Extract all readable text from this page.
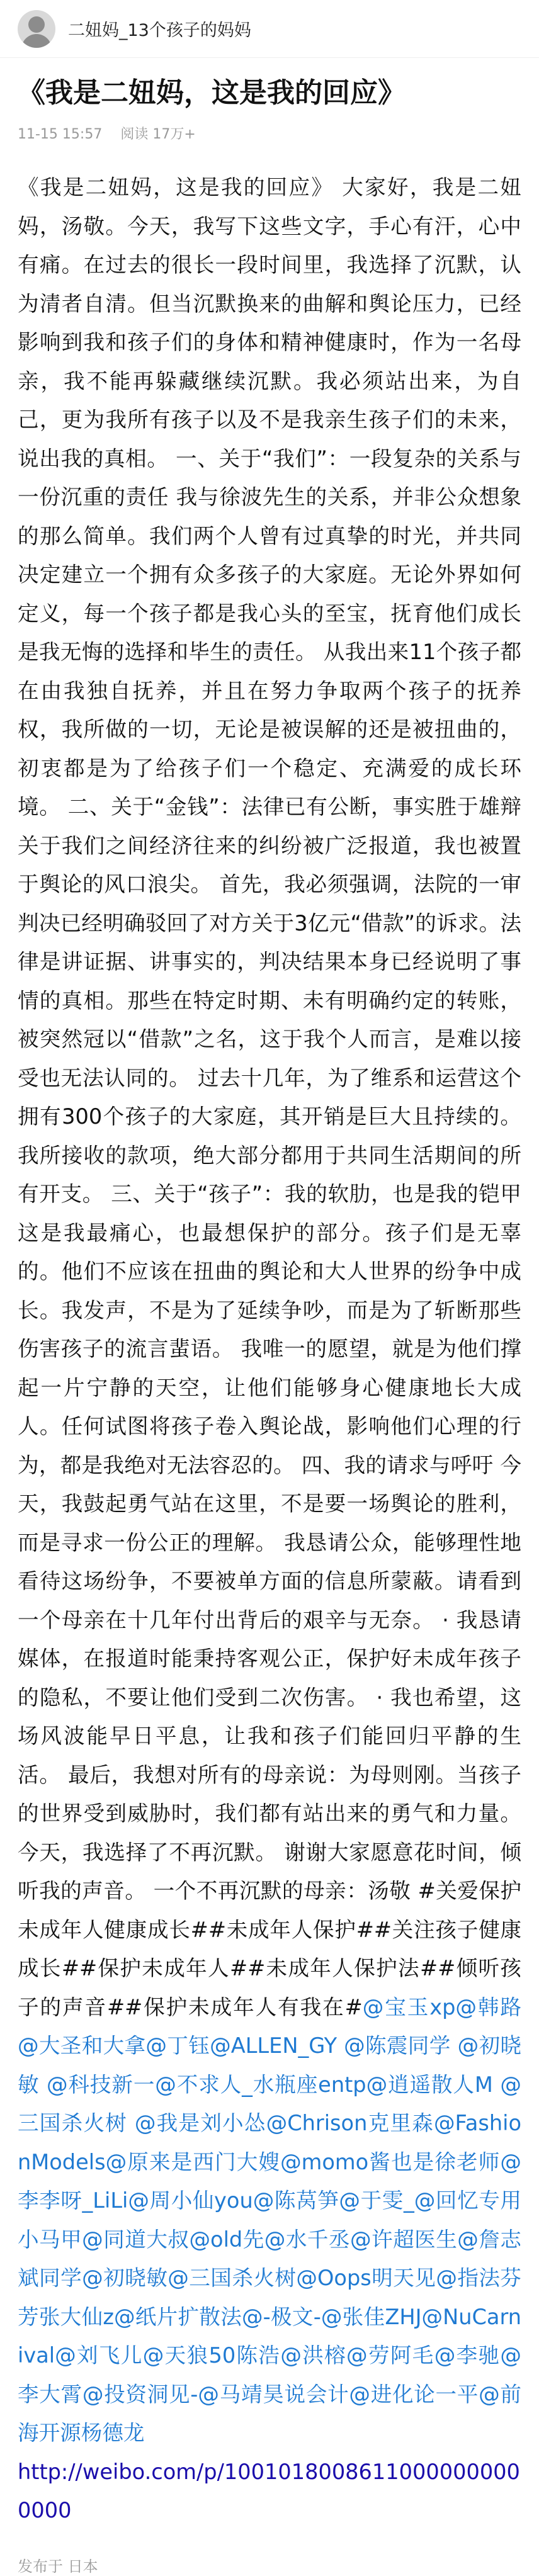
二妞妈_13个孩子的妈妈
《我是二妞妈，这是我的回应》
11-15 15:57 阅读 17万+
《我是二妞妈，这是我的回应》 大家好，我是二妞妈，汤敬。今天，我写下这些文字，手心有汗，心中有痛。在过去的很长一段时间里，我选择了沉默，认为清者自清。但当沉默换来的曲解和舆论压力，已经影响到我和孩子们的身体和精神健康时，作为一名母亲，我不能再躲藏继续沉默。我必须站出来，为自己，更为我所有孩子以及不是我亲生孩子们的未来，说出我的真相。 一、关于“我们”：一段复杂的关系与一份沉重的责任 我与徐波先生的关系，并非公众想象的那么简单。我们两个人曾有过真挚的时光，并共同决定建立一个拥有众多孩子的大家庭。无论外界如何定义，每一个孩子都是我心头的至宝，抚育他们成长是我无悔的选择和毕生的责任。 从我出来11个孩子都在由我独自抚养，并且在努力争取两个孩子的抚养权，我所做的一切，无论是被误解的还是被扭曲的，初衷都是为了给孩子们一个稳定、充满爱的成长环境。 二、关于“金钱”：法律已有公断，事实胜于雄辩 关于我们之间经济往来的纠纷被广泛报道，我也被置于舆论的风口浪尖。 首先，我必须强调，法院的一审判决已经明确驳回了对方关于3亿元“借款”的诉求。法律是讲证据、讲事实的，判决结果本身已经说明了事情的真相。那些在特定时期、未有明确约定的转账，被突然冠以“借款”之名，这于我个人而言，是难以接受也无法认同的。 过去十几年，为了维系和运营这个拥有300个孩子的大家庭，其开销是巨大且持续的。我所接收的款项，绝大部分都用于共同生活期间的所有开支。 三、关于“孩子”：我的软肋，也是我的铠甲 这是我最痛心，也最想保护的部分。孩子们是无辜的。他们不应该在扭曲的舆论和大人世界的纷争中成长。我发声，不是为了延续争吵，而是为了斩断那些伤害孩子的流言蜚语。 我唯一的愿望，就是为他们撑起一片宁静的天空，让他们能够身心健康地长大成人。任何试图将孩子卷入舆论战，影响他们心理的行为，都是我绝对无法容忍的。 四、我的请求与呼吁 今天，我鼓起勇气站在这里，不是要一场舆论的胜利，而是寻求一份公正的理解。 我恳请公众，能够理性地看待这场纷争，不要被单方面的信息所蒙蔽。请看到一个母亲在十几年付出背后的艰辛与无奈。 · 我恳请媒体，在报道时能秉持客观公正，保护好未成年孩子的隐私，不要让他们受到二次伤害。 · 我也希望，这场风波能早日平息，让我和孩子们能回归平静的生活。 最后，我想对所有的母亲说：为母则刚。当孩子的世界受到威胁时，我们都有站出来的勇气和力量。今天，我选择了不再沉默。 谢谢大家愿意花时间，倾听我的声音。 一个不再沉默的母亲：汤敬 #关爱保护未成年人健康成长##未成年人保护##关注孩子健康成长##保护未成年人##未成年人保护法##倾听孩子的声音##保护未成年人有我在#@宝玉xp@韩路 @大圣和大拿@丁钰@ALLEN_GY @陈震同学 @初晓敏 @科技新一@不求人_水瓶座entp@逍遥散人M @三国杀火树 @我是刘小怂@Chrison克里森@FashionModels@原来是西门大嫂@momo酱也是徐老师@李李呀_LiLi@周小仙you@陈莴笋@于雯_@回忆专用小马甲@同道大叔@old先@水千丞@许超医生@詹志斌同学@初晓敏@三国杀火树@Oops明天见@指法芬芳张大仙z@纸片扩散法@-极文-@张佳ZHJ@NuCarnival@刘飞儿@天狼50陈浩@洪榕@劳阿毛@李驰@李大霄@投资洞见-@马靖昊说会计@进化论一平@前海开源杨德龙
http://weibo.com/p/10010180086110000000000000
发布于 日本
